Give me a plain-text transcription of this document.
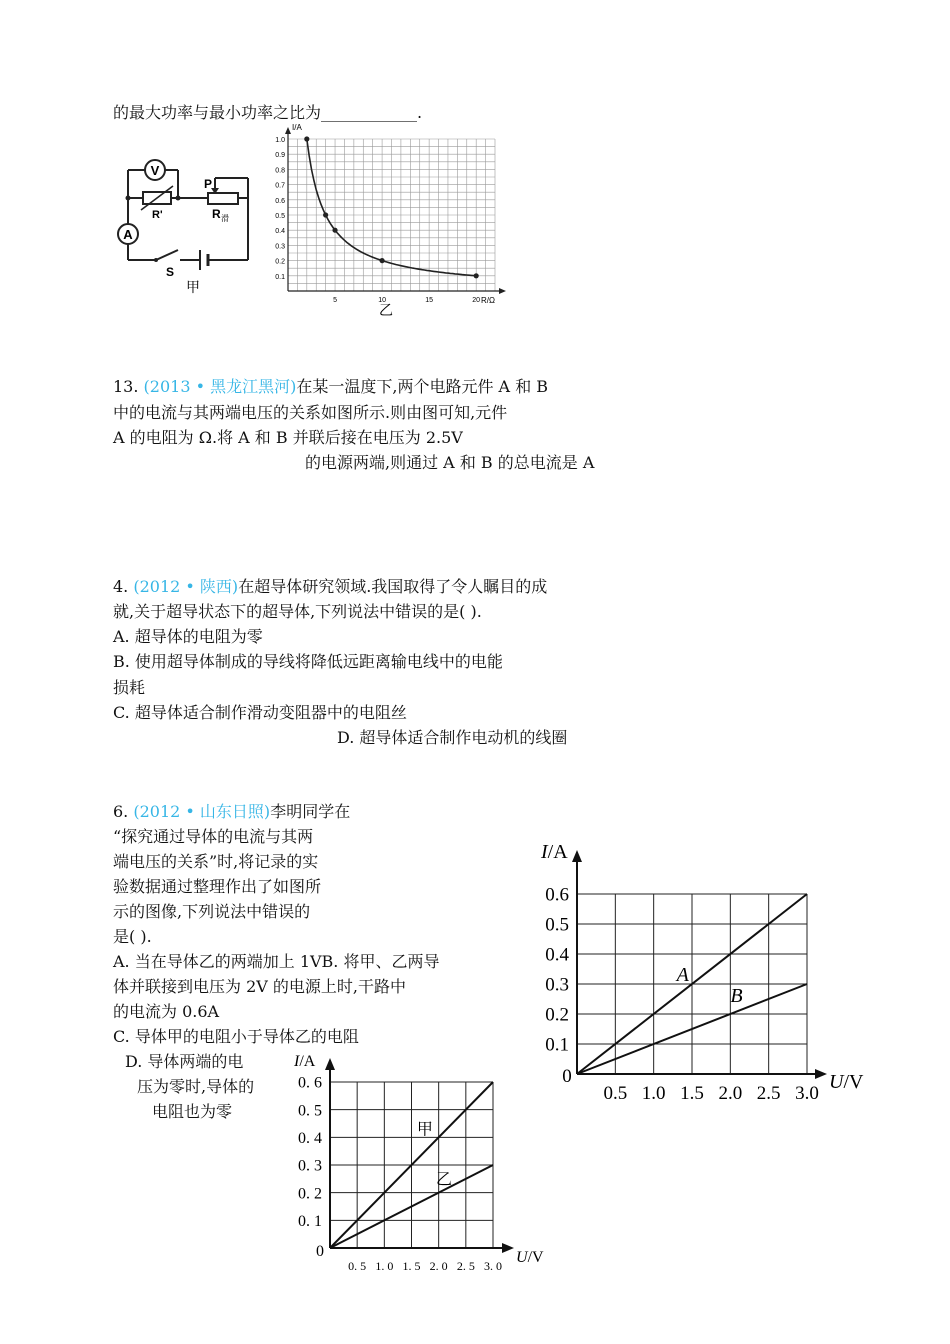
的最大功率与最小功率之比为____________.
V
R'
P
R 滑
A
S
甲
I/A
R/Ω
0.1
0.2
0.3
0.4
0.5
0.6
0.7
0.8
0.9
1.0
5	10	15	20
乙
13. (2013 • 黑龙江黑河)在某一温度下,两个电路元件 A 和 B
中的电流与其两端电压的关系如图所示.则由图可知,元件
A 的电阻为 Ω.将 A 和 B 并联后接在电压为 2.5V
的电源两端,则通过 A 和 B 的总电流是 A
4. (2012 • 陕西)在超导体研究领域.我国取得了令人瞩目的成
就,关于超导状态下的超导体,下列说法中错误的是( ).
A. 超导体的电阻为零
B. 使用超导体制成的导线将降低远距离输电线中的电能
损耗
C. 超导体适合制作滑动变阻器中的电阻丝
D. 超导体适合制作电动机的线圈
6. (2012 • 山东日照)李明同学在
“探究通过导体的电流与其两
端电压的关系”时,将记录的实
验数据通过整理作出了如图所
示的图像,下列说法中错误的
是( ).
A. 当在导体乙的两端加上 1VB. 将甲、乙两导
体并联接到电压为 2V 的电源上时,干路中
的电流为 0.6A
C. 导体甲的电阻小于导体乙的电阻
D. 导体两端的电
压为零时,导体的
电阻也为零
I/A
U/V
0
0.1
0.2
0.3
0.4
0.5
0.6
0.5 1.0 1.5 2.0 2.5 3.0
A
B
I/A
U/V
0
0. 1
0. 2
0. 3
0. 4
0. 5
0. 6
0. 5 1. 0 1. 5 2. 0 2. 5 3. 0
甲
乙
